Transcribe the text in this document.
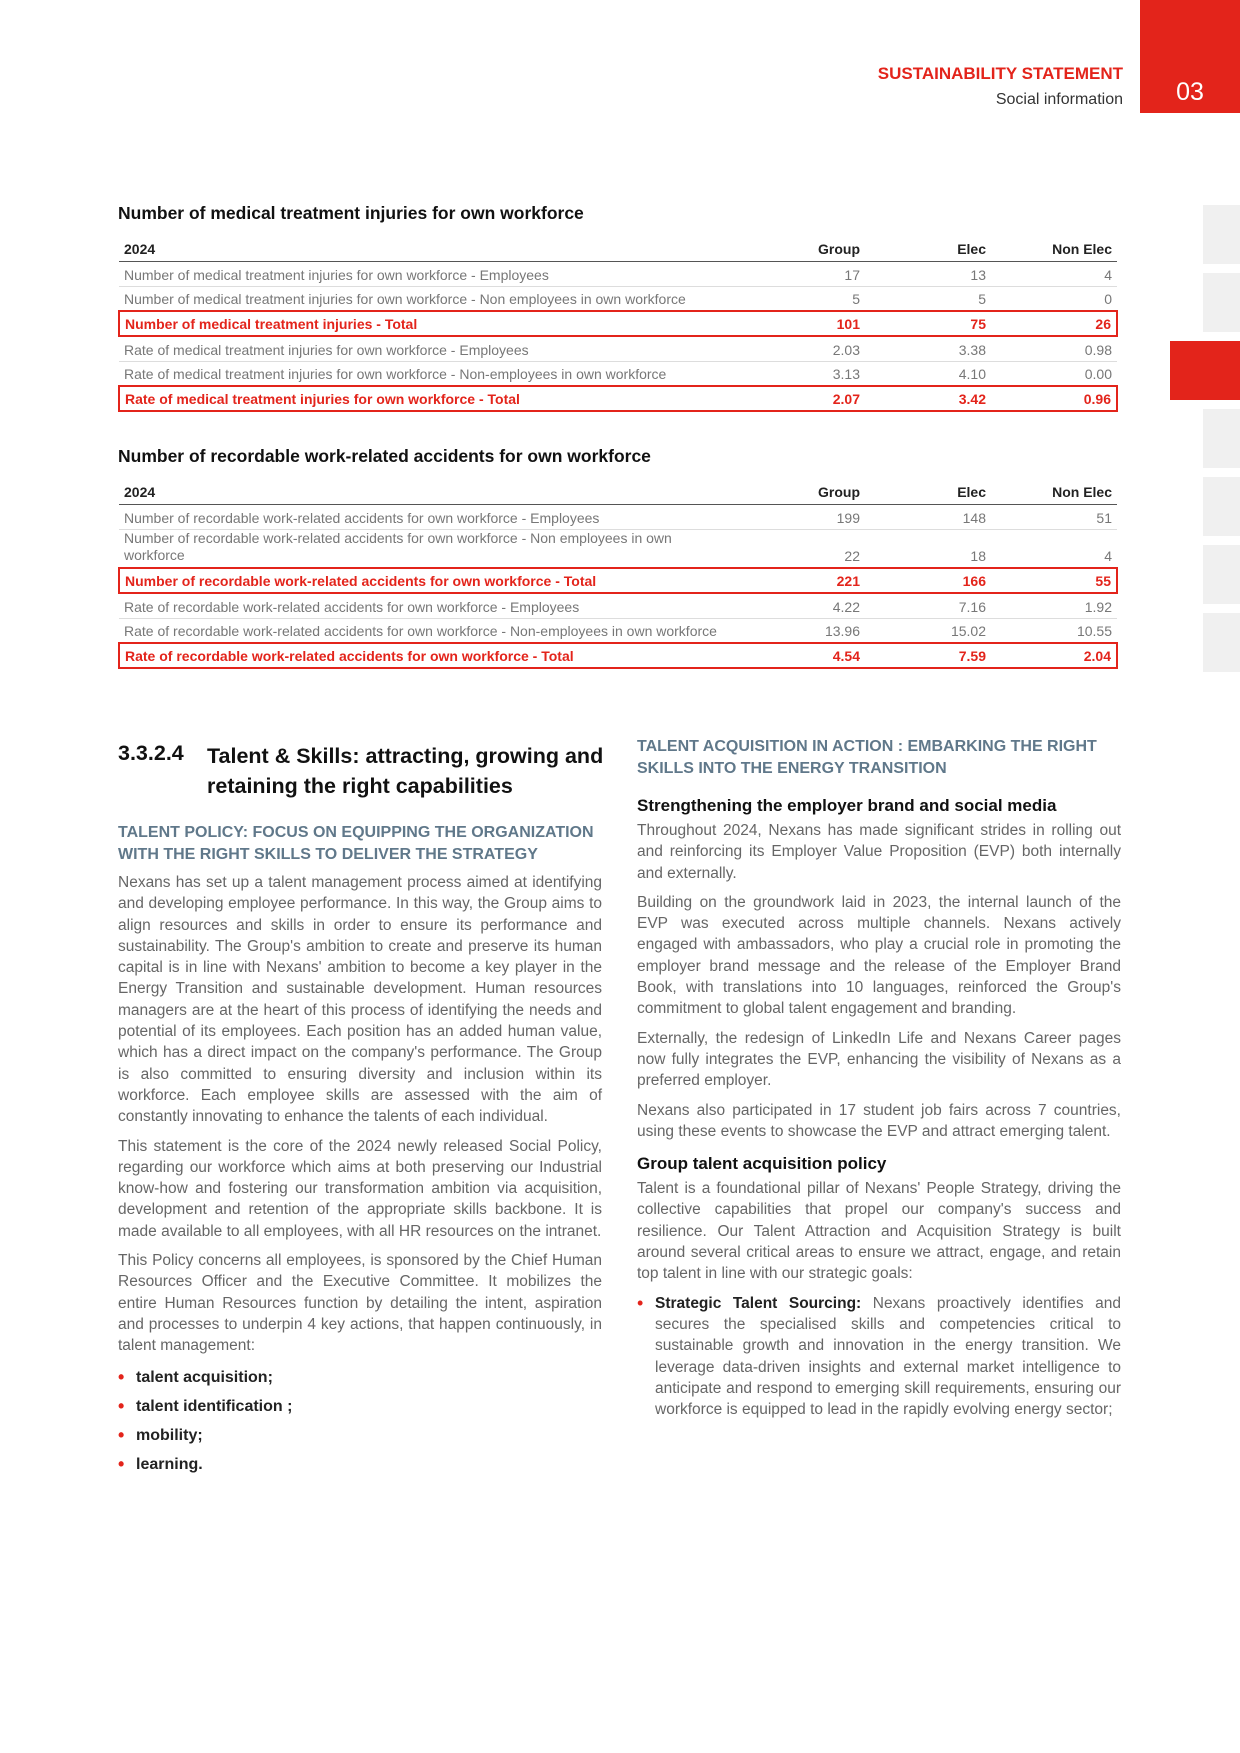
03
SUSTAINABILITY STATEMENT
Social information
Number of medical treatment injuries for own workforce
2024	Group	Elec	Non Elec
Number of medical treatment injuries for own workforce - Employees	17	13	4
Number of medical treatment injuries for own workforce - Non employees in own workforce	5	5	0
Number of medical treatment injuries - Total	101	75	26
Rate of medical treatment injuries for own workforce - Employees	2.03	3.38	0.98
Rate of medical treatment injuries for own workforce - Non-employees in own workforce	3.13	4.10	0.00
Rate of medical treatment injuries for own workforce - Total	2.07	3.42	0.96
Number of recordable work-related accidents for own workforce
2024	Group	Elec	Non Elec
Number of recordable work-related accidents for own workforce - Employees	199	148	51
Number of recordable work-related accidents for own workforce - Non employees in own workforce	22	18	4
Number of recordable work-related accidents for own workforce - Total	221	166	55
Rate of recordable work-related accidents for own workforce - Employees	4.22	7.16	1.92
Rate of recordable work-related accidents for own workforce - Non-employees in own workforce	13.96	15.02	10.55
Rate of recordable work-related accidents for own workforce - Total	4.54	7.59	2.04
3.3.2.4 Talent & Skills: attracting, growing and retaining the right capabilities
TALENT POLICY: FOCUS ON EQUIPPING THE ORGANIZATION WITH THE RIGHT SKILLS TO DELIVER THE STRATEGY

Nexans has set up a talent management process aimed at identifying and developing employee performance. In this way, the Group aims to align resources and skills in order to ensure its performance and sustainability. The Group's ambition to create and preserve its human capital is in line with Nexans' ambition to become a key player in the Energy Transition and sustainable development. Human resources managers are at the heart of this process of identifying the needs and potential of its employees. Each position has an added human value, which has a direct impact on the company's performance. The Group is also committed to ensuring diversity and inclusion within its workforce. Each employee skills are assessed with the aim of constantly innovating to enhance the talents of each individual.

This statement is the core of the 2024 newly released Social Policy, regarding our workforce which aims at both preserving our Industrial know-how and fostering our transformation ambition via acquisition, development and retention of the appropriate skills backbone. It is made available to all employees, with all HR resources on the intranet.

This Policy concerns all employees, is sponsored by the Chief Human Resources Officer and the Executive Committee. It mobilizes the entire Human Resources function by detailing the intent, aspiration and processes to underpin 4 key actions, that happen continuously, in talent management:

• talent acquisition;
• talent identification ;
• mobility;
• learning.
TALENT ACQUISITION IN ACTION : EMBARKING THE RIGHT SKILLS INTO THE ENERGY TRANSITION
Strengthening the employer brand and social media

Throughout 2024, Nexans has made significant strides in rolling out and reinforcing its Employer Value Proposition (EVP) both internally and externally.

Building on the groundwork laid in 2023, the internal launch of the EVP was executed across multiple channels. Nexans actively engaged with ambassadors, who play a crucial role in promoting the employer brand message and the release of the Employer Brand Book, with translations into 10 languages, reinforced the Group's commitment to global talent engagement and branding.

Externally, the redesign of LinkedIn Life and Nexans Career pages now fully integrates the EVP, enhancing the visibility of Nexans as a preferred employer.

Nexans also participated in 17 student job fairs across 7 countries, using these events to showcase the EVP and attract emerging talent.

Group talent acquisition policy

Talent is a foundational pillar of Nexans' People Strategy, driving the collective capabilities that propel our company's success and resilience. Our Talent Attraction and Acquisition Strategy is built around several critical areas to ensure we attract, engage, and retain top talent in line with our strategic goals:

• Strategic Talent Sourcing: Nexans proactively identifies and secures the specialised skills and competencies critical to sustainable growth and innovation in the energy transition. We leverage data-driven insights and external market intelligence to anticipate and respond to emerging skill requirements, ensuring our workforce is equipped to lead in the rapidly evolving energy sector;
